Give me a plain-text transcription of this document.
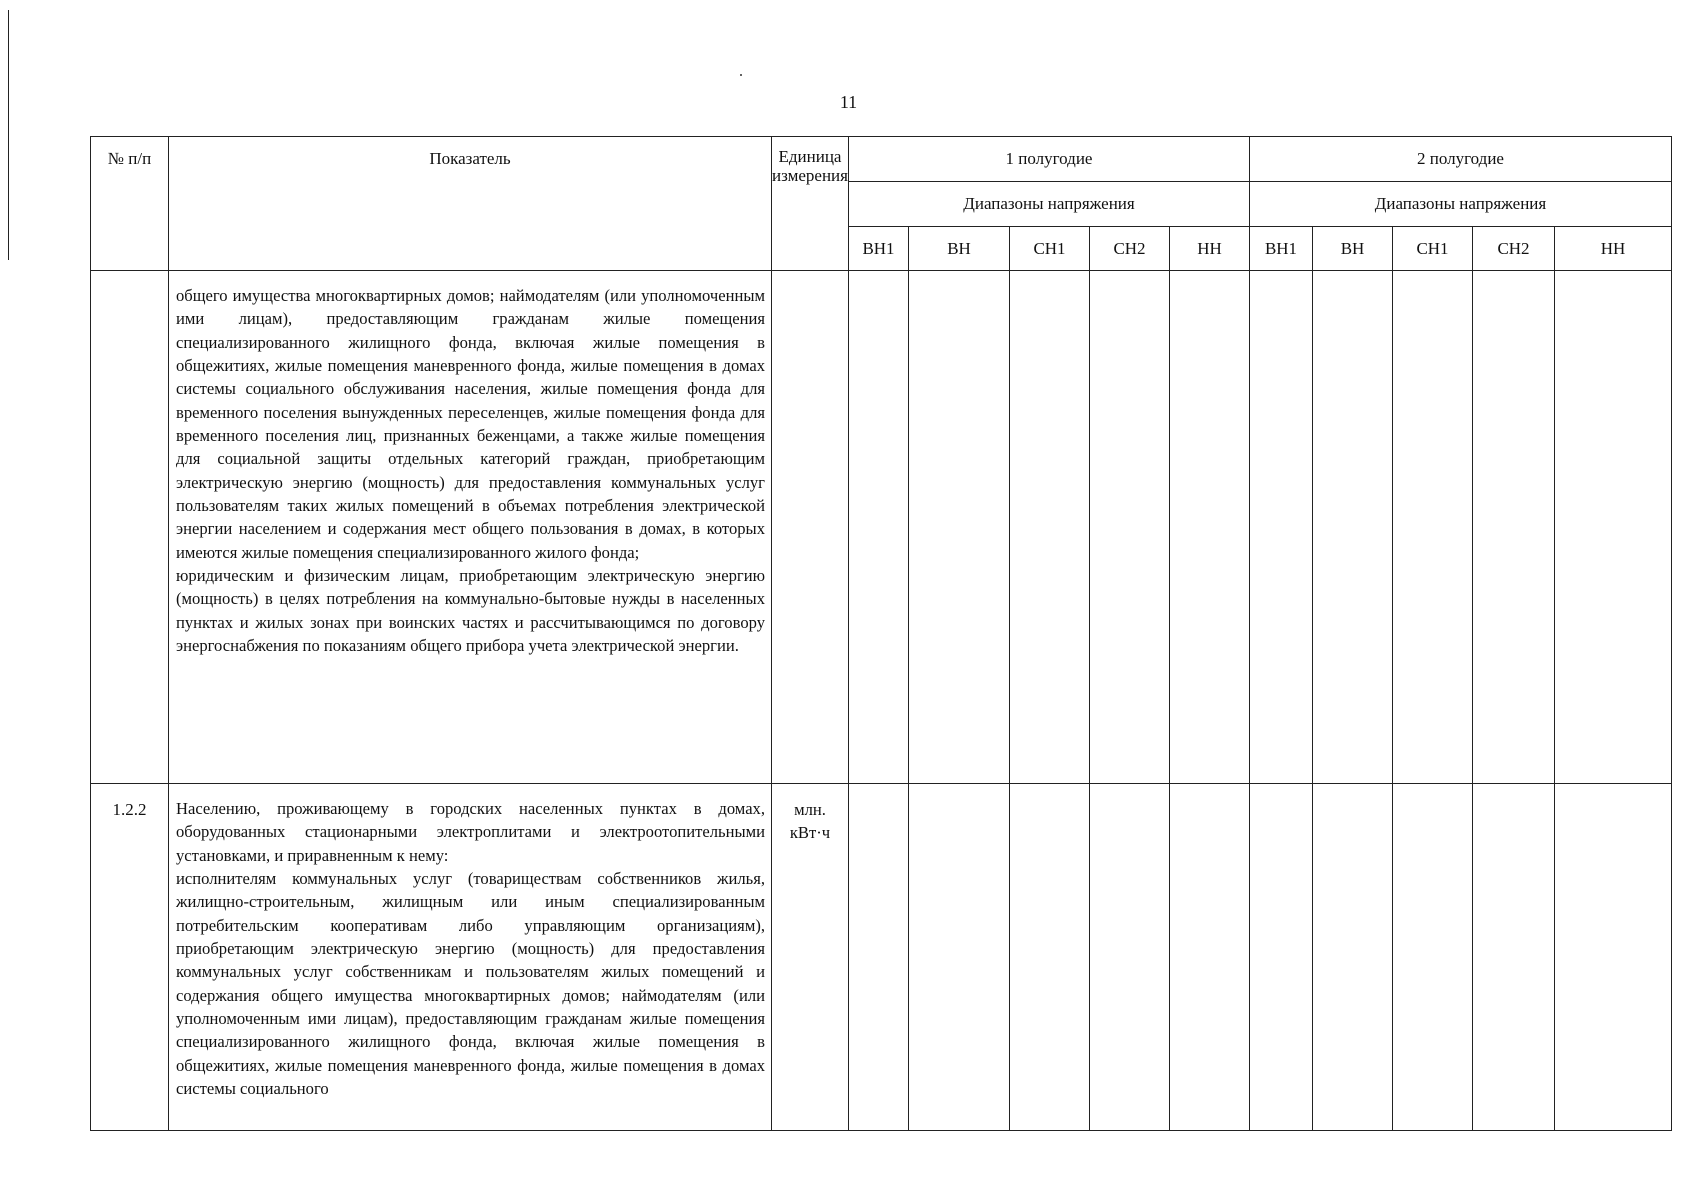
11
№ п/п	Показатель	Единица измерения	1 полугодие					2 полугодие				
			Диапазоны напряжения					Диапазоны напряжения				
			ВН1	ВН	СН1	СН2	НН	ВН1	ВН	СН1	СН2	НН

	общего имущества многоквартирных домов; наймодателям (или уполномоченным ими лицам), предоставляющим гражданам жилые помещения специализированного жилищного фонда, включая жилые помещения в общежитиях, жилые помещения маневренного фонда, жилые помещения в домах системы социального обслуживания населения, жилые помещения фонда для временного поселения вынужденных переселенцев, жилые помещения фонда для временного поселения лиц, признанных беженцами, а также жилые помещения для социальной защиты отдельных категорий граждан, приобретающим электрическую энергию (мощность) для предоставления коммунальных услуг пользователям таких жилых помещений в объемах потребления электрической энергии населением и содержания мест общего пользования в домах, в которых имеются жилые помещения специализированного жилого фонда;
юридическим и физическим лицам, приобретающим электрическую энергию (мощность) в целях потребления на коммунально-бытовые нужды в населенных пунктах и жилых зонах при воинских частях и рассчитывающимся по договору энергоснабжения по показаниям общего прибора учета электрической энергии.											

1.2.2	Населению, проживающему в городских населенных пунктах в домах, оборудованных стационарными электроплитами и электроотопительными установками, и приравненным к нему:
исполнителям коммунальных услуг (товариществам собственников жилья, жилищно-строительным, жилищным или иным специализированным потребительским кооперативам либо управляющим организациям), приобретающим электрическую энергию (мощность) для предоставления коммунальных услуг собственникам и пользователям жилых помещений и содержания общего имущества многоквартирных домов; наймодателям (или уполномоченным ими лицам), предоставляющим гражданам жилые помещения специализированного жилищного фонда, включая жилые помещения в общежитиях, жилые помещения маневренного фонда, жилые помещения в домах системы социального	млн. кВт·ч										
